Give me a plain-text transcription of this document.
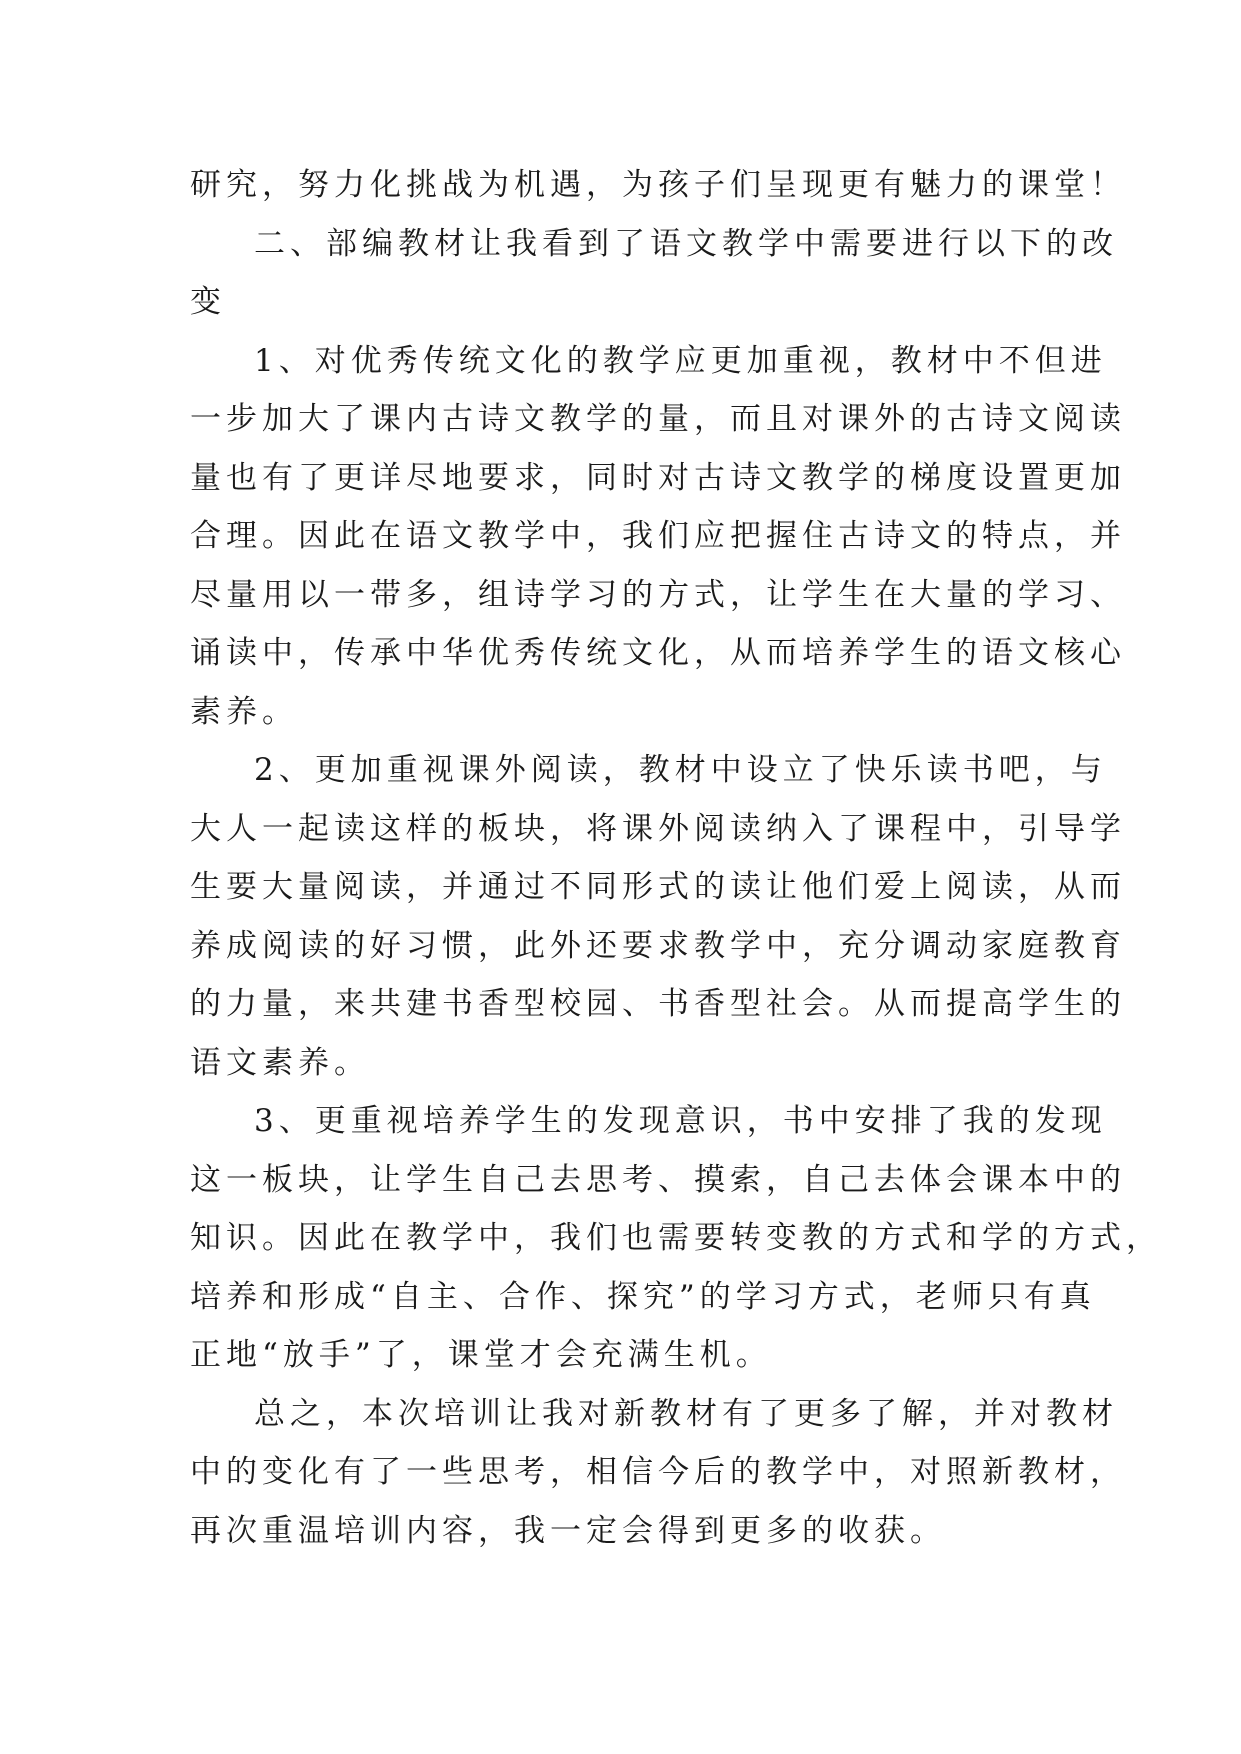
研究，努力化挑战为机遇，为孩子们呈现更有魅力的课堂！
二、部编教材让我看到了语文教学中需要进行以下的改
变
1、对优秀传统文化的教学应更加重视，教材中不但进
一步加大了课内古诗文教学的量，而且对课外的古诗文阅读
量也有了更详尽地要求，同时对古诗文教学的梯度设置更加
合理。因此在语文教学中，我们应把握住古诗文的特点，并
尽量用以一带多，组诗学习的方式，让学生在大量的学习、
诵读中，传承中华优秀传统文化，从而培养学生的语文核心
素养。
2、更加重视课外阅读，教材中设立了快乐读书吧，与
大人一起读这样的板块，将课外阅读纳入了课程中，引导学
生要大量阅读，并通过不同形式的读让他们爱上阅读，从而
养成阅读的好习惯，此外还要求教学中，充分调动家庭教育
的力量，来共建书香型校园、书香型社会。从而提高学生的
语文素养。
3、更重视培养学生的发现意识，书中安排了我的发现
这一板块，让学生自己去思考、摸索，自己去体会课本中的
知识。因此在教学中，我们也需要转变教的方式和学的方式，
培养和形成“自主、合作、探究”的学习方式，老师只有真
正地“放手”了，课堂才会充满生机。
总之，本次培训让我对新教材有了更多了解，并对教材
中的变化有了一些思考，相信今后的教学中，对照新教材，
再次重温培训内容，我一定会得到更多的收获。
